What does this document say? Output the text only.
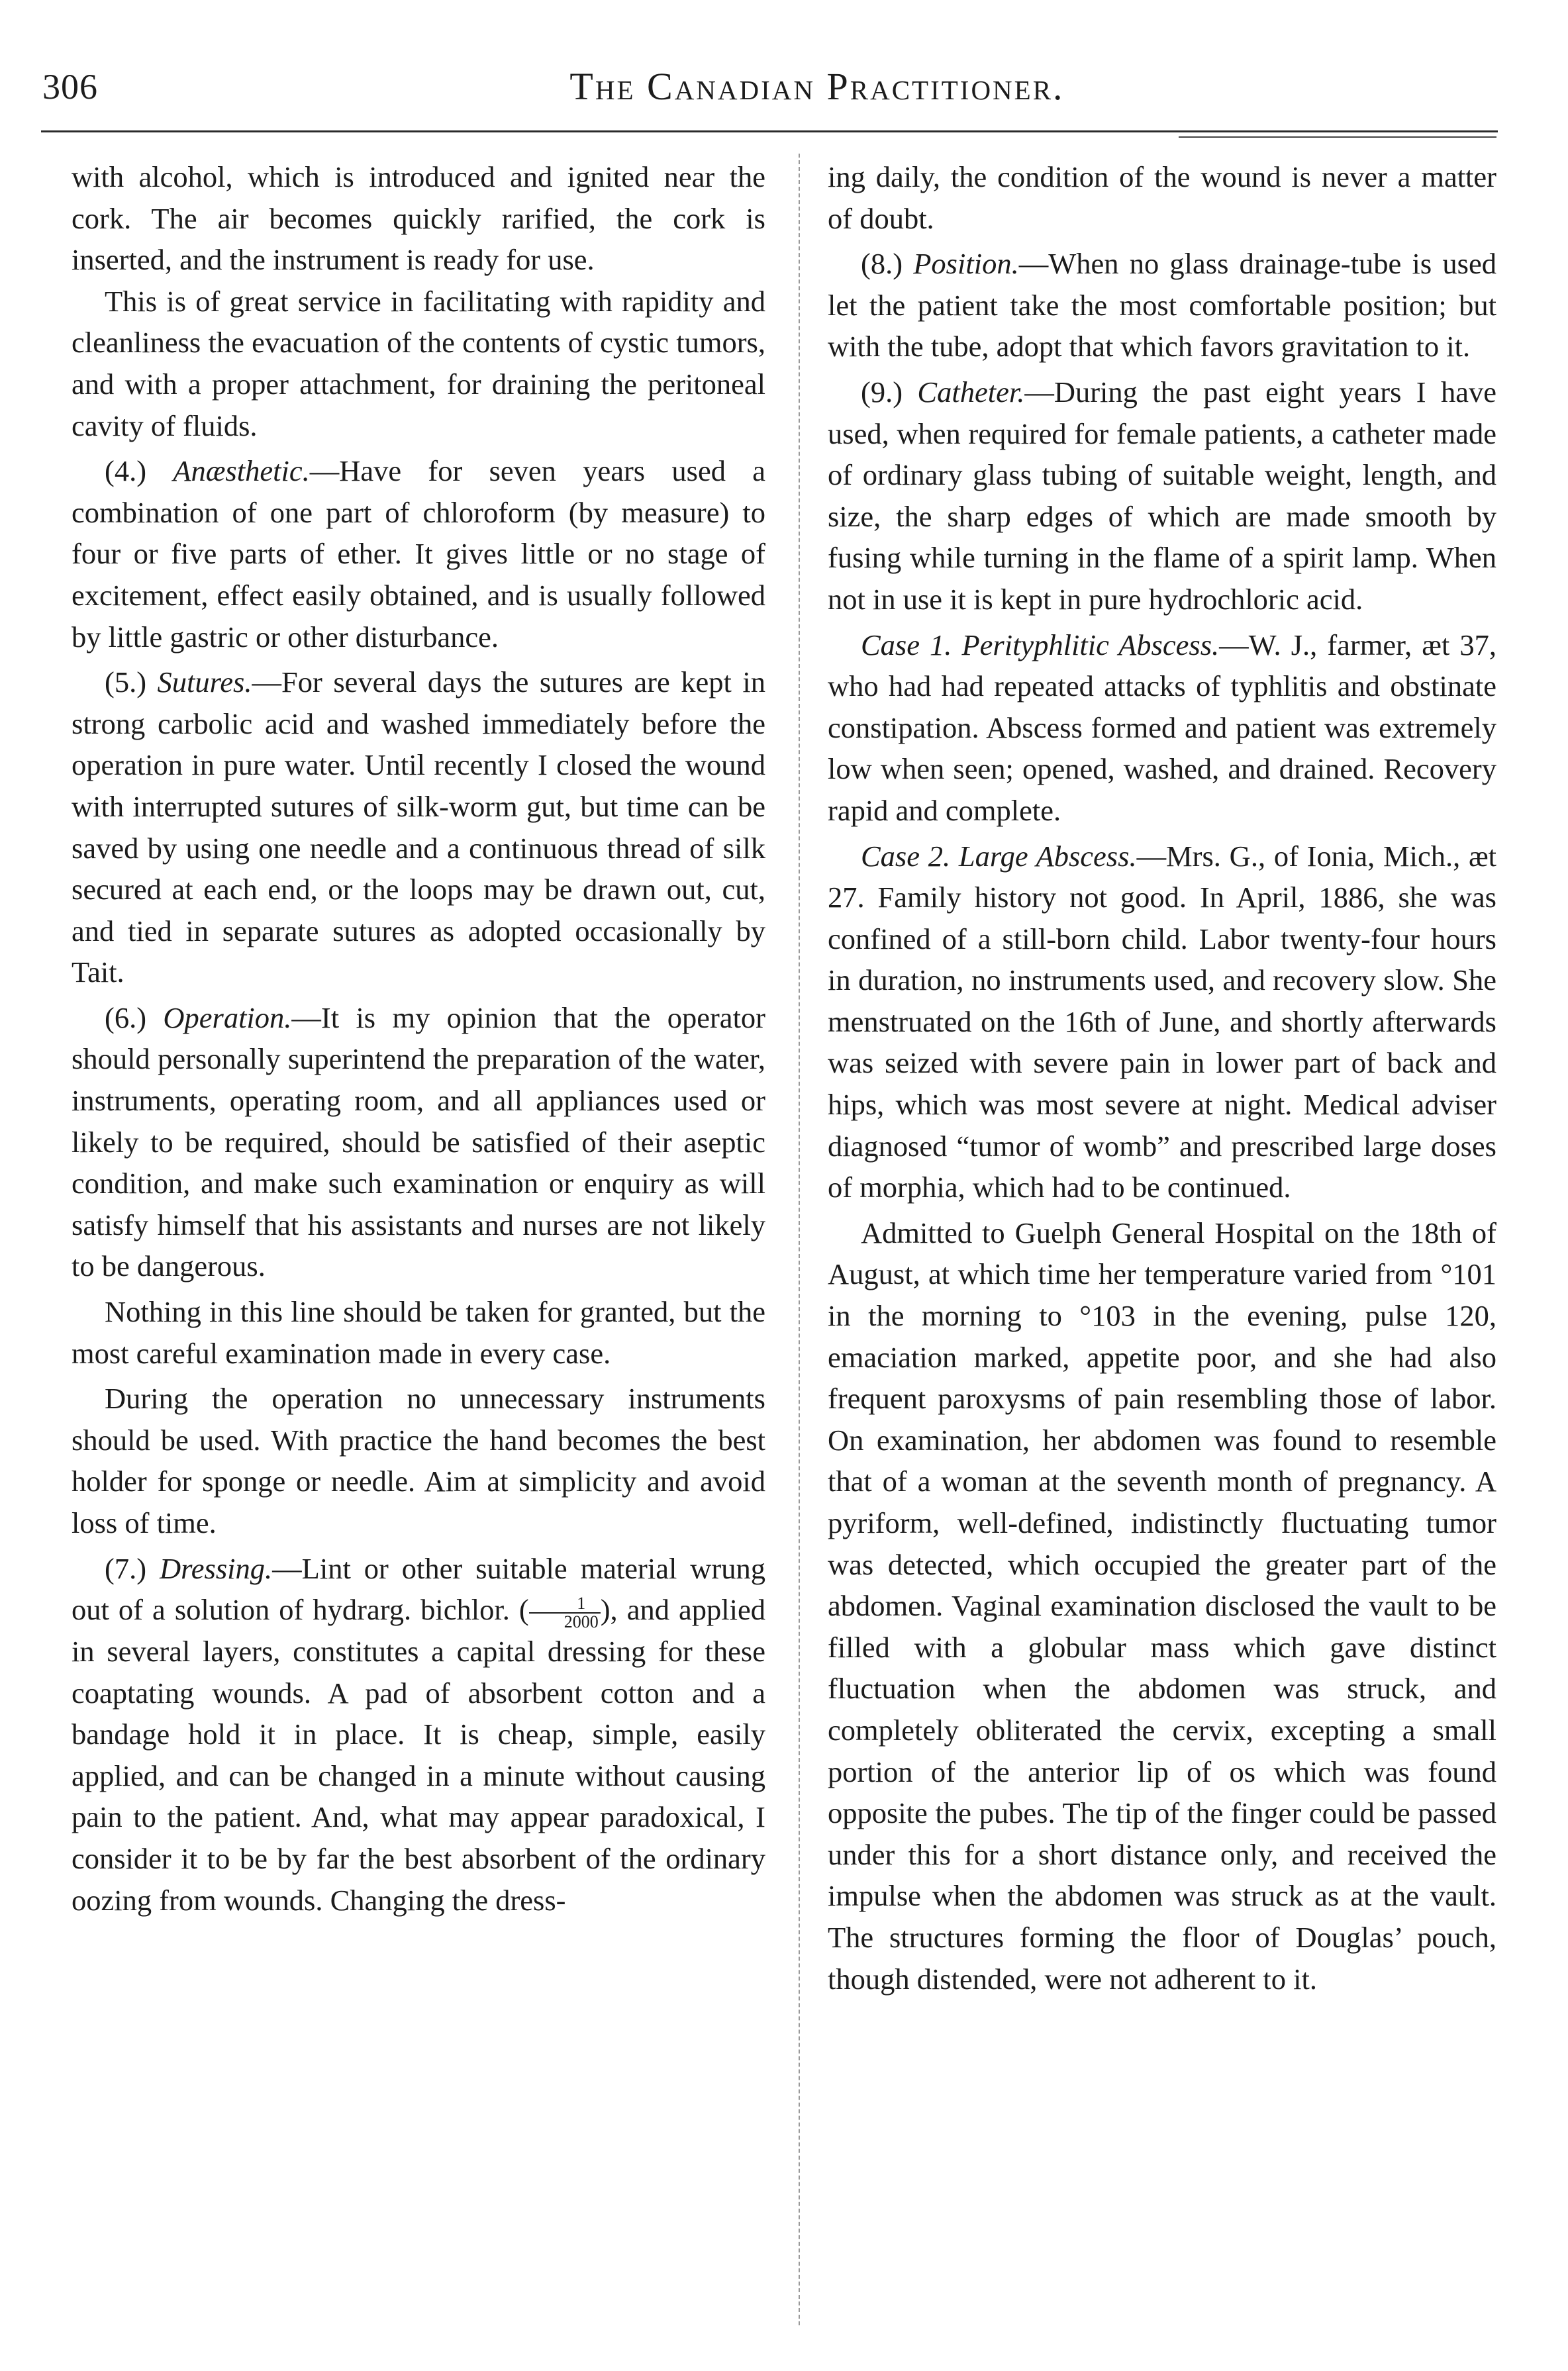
306	The Canadian Practitioner.

with alcohol, which is introduced and ignited near the cork. The air becomes quickly rarified, the cork is inserted, and the instrument is ready for use.

This is of great service in facilitating with rapidity and cleanliness the evacuation of the contents of cystic tumors, and with a proper attachment, for draining the peritoneal cavity of fluids.

(4.) Anæsthetic.—Have for seven years used a combination of one part of chloroform (by measure) to four or five parts of ether. It gives little or no stage of excitement, effect easily obtained, and is usually followed by little gastric or other disturbance.

(5.) Sutures.—For several days the sutures are kept in strong carbolic acid and washed immediately before the operation in pure water. Until recently I closed the wound with interrupted sutures of silk-worm gut, but time can be saved by using one needle and a continuous thread of silk secured at each end, or the loops may be drawn out, cut, and tied in separate sutures as adopted occasionally by Tait.

(6.) Operation.—It is my opinion that the operator should personally superintend the preparation of the water, instruments, operating room, and all appliances used or likely to be required, should be satisfied of their aseptic condition, and make such examination or enquiry as will satisfy himself that his assistants and nurses are not likely to be dangerous.

Nothing in this line should be taken for granted, but the most careful examination made in every case.

During the operation no unnecessary instruments should be used. With practice the hand becomes the best holder for sponge or needle. Aim at simplicity and avoid loss of time.

(7.) Dressing.—Lint or other suitable material wrung out of a solution of hydrarg. bichlor. ( $\frac{1}{2000}$ ), and applied in several layers, constitutes a capital dressing for these coaptating wounds. A pad of absorbent cotton and a bandage hold it in place. It is cheap, simple, easily applied, and can be changed in a minute without causing pain to the patient. And, what may appear paradoxical, I consider it to be by far the best absorbent of the ordinary oozing from wounds. Changing the dress-

ing daily, the condition of the wound is never a matter of doubt.

(8.) Position.—When no glass drainage-tube is used let the patient take the most comfortable position; but with the tube, adopt that which favors gravitation to it.

(9.) Catheter.—During the past eight years I have used, when required for female patients, a catheter made of ordinary glass tubing of suitable weight, length, and size, the sharp edges of which are made smooth by fusing while turning in the flame of a spirit lamp. When not in use it is kept in pure hydrochloric acid.

Case 1. Perityphlitic Abscess.—W. J., farmer, æt 37, who had had repeated attacks of typhlitis and obstinate constipation. Abscess formed and patient was extremely low when seen; opened, washed, and drained. Recovery rapid and complete.

Case 2. Large Abscess.—Mrs. G., of Ionia, Mich., æt 27. Family history not good. In April, 1886, she was confined of a still-born child. Labor twenty-four hours in duration, no instruments used, and recovery slow. She menstruated on the 16th of June, and shortly afterwards was seized with severe pain in lower part of back and hips, which was most severe at night. Medical adviser diagnosed “tumor of womb” and prescribed large doses of morphia, which had to be continued.

Admitted to Guelph General Hospital on the 18th of August, at which time her temperature varied from °101 in the morning to °103 in the evening, pulse 120, emaciation marked, appetite poor, and she had also frequent paroxysms of pain resembling those of labor. On examination, her abdomen was found to resemble that of a woman at the seventh month of pregnancy. A pyriform, well-defined, indistinctly fluctuating tumor was detected, which occupied the greater part of the abdomen. Vaginal examination disclosed the vault to be filled with a globular mass which gave distinct fluctuation when the abdomen was struck, and completely obliterated the cervix, excepting a small portion of the anterior lip of os which was found opposite the pubes. The tip of the finger could be passed under this for a short distance only, and received the impulse when the abdomen was struck as at the vault. The structures forming the floor of Douglas’ pouch, though distended, were not adherent to it.
